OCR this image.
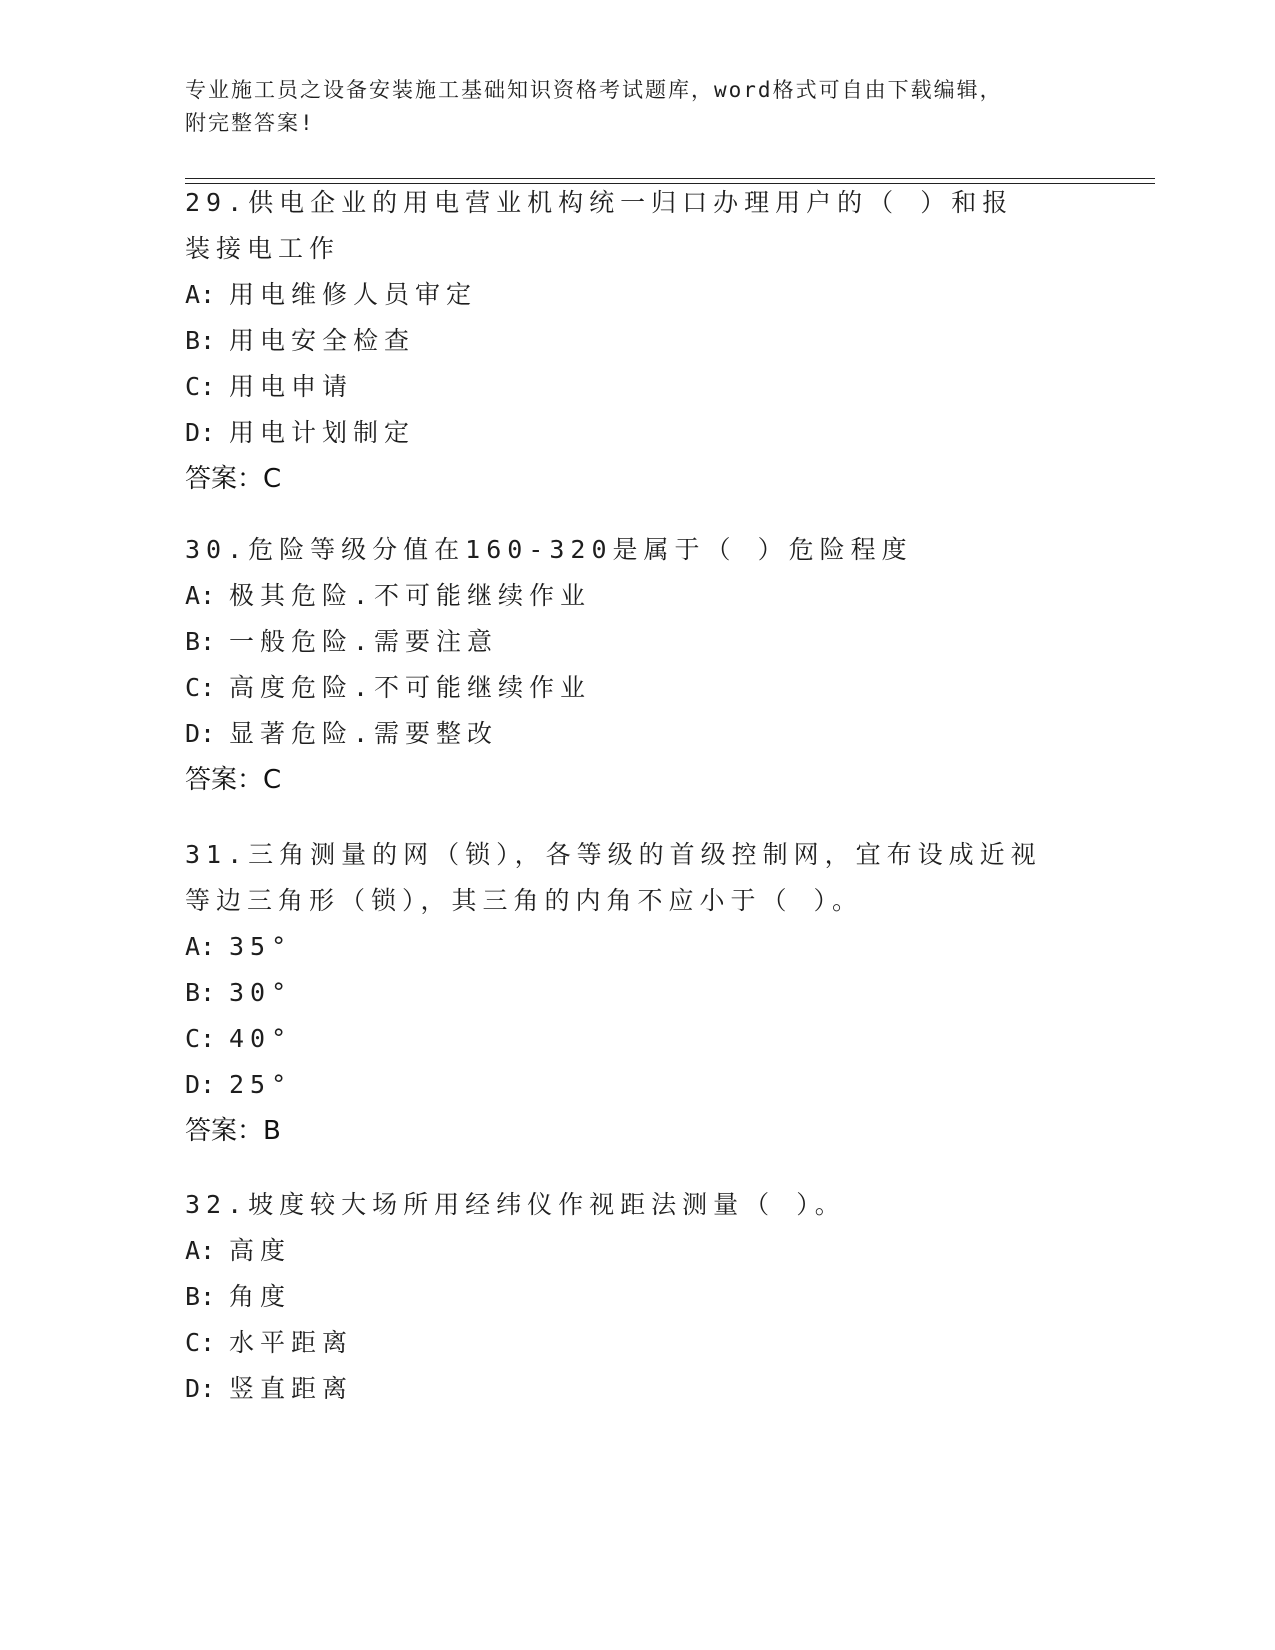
专业施工员之设备安装施工基础知识资格考试题库，word格式可自由下载编辑，
附完整答案!

29.供电企业的用电营业机构统一归口办理用户的（ ）和报装接电工作

A: 用电维修人员审定

B: 用电安全检查

C: 用电申请

D: 用电计划制定

答案：C

30.危险等级分值在160-320是属于（ ）危险程度

A: 极其危险.不可能继续作业

B: 一般危险.需要注意

C: 高度危险.不可能继续作业

D: 显著危险.需要整改

答案：C

31.三角测量的网（锁），各等级的首级控制网，宜布设成近视等边三角形（锁），其三角的内角不应小于（ ）。

A: 35°

B: 30°

C: 40°

D: 25°

答案：B

32.坡度较大场所用经纬仪作视距法测量（ ）。

A: 高度

B: 角度

C: 水平距离

D: 竖直距离
